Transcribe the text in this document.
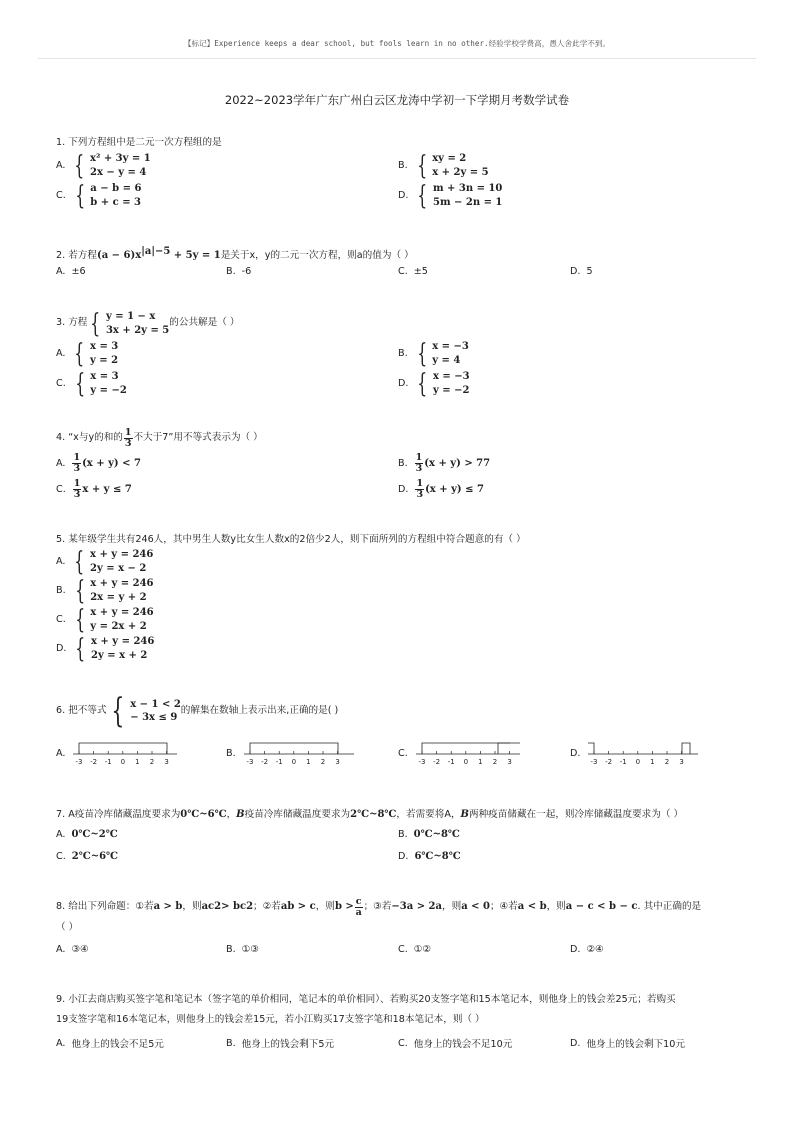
【标记】Experience keeps a dear school, but fools learn in no other.经验学校学费高，愚人舍此学不到。
2022~2023学年广东广州白云区龙涛中学初一下学期月考数学试卷
1. 下列方程组中是二元一次方程组的是
A. { x² + 3y = 1
2x − y = 4
B. { xy = 2
x + 2y = 5
C. { a − b = 6
b + c = 3
D. { m + 3n = 10
5m − 2n = 1
2. 若方程$(a - 6)x^{|a|-5} + 5y = 1$是关于x，y的二元一次方程，则a的值为（ ）
A. ±6	B. -6	C. ±5	D. 5
3. 方程 { y = 1 − x
3x + 2y = 5
的公共解是（ ）
A. { x = 3
y = 2
B. { x = −3
y = 4
C. { x = 3
y = −2
D. { x = −3
y = −2
4. “x与y的和的 $\frac{1}{3}$ 不大于7”用不等式表示为（ ）
A. $\frac{1}{3} (x + y) < 7$	B. $\frac{1}{3} (x + y) > 77$
C. $\frac{1}{3}$ x + y ≤ 7	D. $\frac{1}{3} (x + y) \le 7$
5. 某年级学生共有246人，其中男生人数y比女生人数x的2倍少2人，则下面所列的方程组中符合题意的有（ ）
A. { x + y = 246
2y = x − 2
B. { x + y = 246
2x = y + 2
C. { x + y = 246
y = 2x + 2
D. { x + y = 246
2y = x + 2
6. 把不等式 { x − 1 < 2
− 3x ≤ 9
的解集在数轴上表示出来,正确的是( )
A.
-3 -2 -1 0 1 2 3
B.
-3 -2 -1 0 1 2 3
C.
-3 -2 -1 0 1 2 3
D.
-3 -2 -1 0 1 2 3
7. A疫苗冷库储藏温度要求为0℃~6℃，B疫苗冷库储藏温度要求为2℃~8℃，若需要将A，B两种疫苗储藏在一起，则冷库储藏温度要求为（ ）
A. 0℃~2℃	B. 0℃~8℃
C. 2℃~6℃	D. 6℃~8℃
8. 给出下列命题：①若 a > b ，则 ac 2 > bc 2 ；②若 ab > c ，则 $b > \frac{c}{a}$ ；③若 −3a > 2a ，则 a < 0 ；④若 a < b ，则 a − c < b − c . 其中正确的是
（ ）
A. ③④	B. ①③	C. ①②	D. ②④
9. 小江去商店购买签字笔和笔记本（签字笔的单价相同，笔记本的单价相同）、若购买20支签字笔和15本笔记本，则他身上的钱会差25元；若购买
19支签字笔和16本笔记本，则他身上的钱会差15元，若小江购买17支签字笔和18本笔记本，则（ ）
A. 他身上的钱会不足5元	B. 他身上的钱会剩下5元	C. 他身上的钱会不足10元	D. 他身上的钱会剩下10元
